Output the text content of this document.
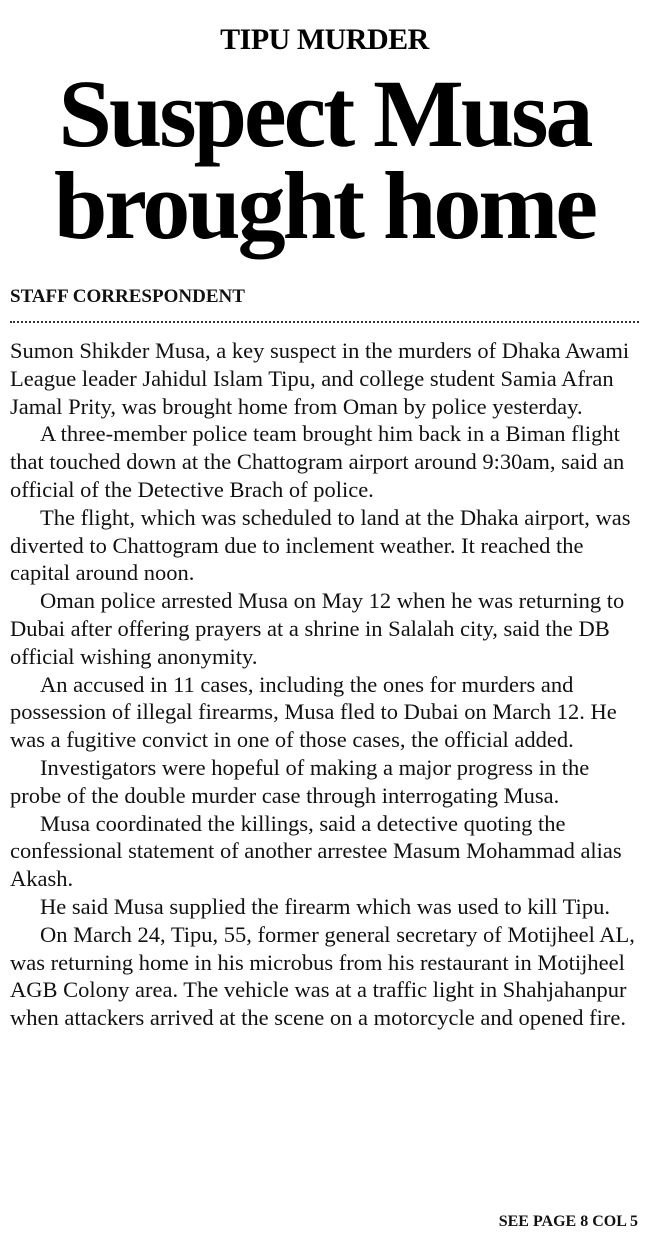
TIPU MURDER
Suspect Musa
brought home
STAFF CORRESPONDENT

Sumon Shikder Musa, a key suspect in the murders of Dhaka Awami League leader Jahidul Islam Tipu, and college student Samia Afran Jamal Prity, was brought home from Oman by police yesterday.

A three-member police team brought him back in a Biman flight that touched down at the Chattogram airport around 9:30am, said an official of the Detective Brach of police.

The flight, which was scheduled to land at the Dhaka airport, was diverted to Chattogram due to inclement weather. It reached the capital around noon.

Oman police arrested Musa on May 12 when he was returning to Dubai after offering prayers at a shrine in Salalah city, said the DB official wishing anonymity.

An accused in 11 cases, including the ones for murders and possession of illegal firearms, Musa fled to Dubai on March 12. He was a fugitive convict in one of those cases, the official added.

Investigators were hopeful of making a major progress in the probe of the double murder case through interrogating Musa.

Musa coordinated the killings, said a detective quoting the confessional statement of another arrestee Masum Mohammad alias Akash.

He said Musa supplied the firearm which was used to kill Tipu.

On March 24, Tipu, 55, former general secretary of Motijheel AL, was returning home in his microbus from his restaurant in Motijheel AGB Colony area. The vehicle was at a traffic light in Shahjahanpur when attackers arrived at the scene on a motorcycle and opened fire.

SEE PAGE 8 COL 5
